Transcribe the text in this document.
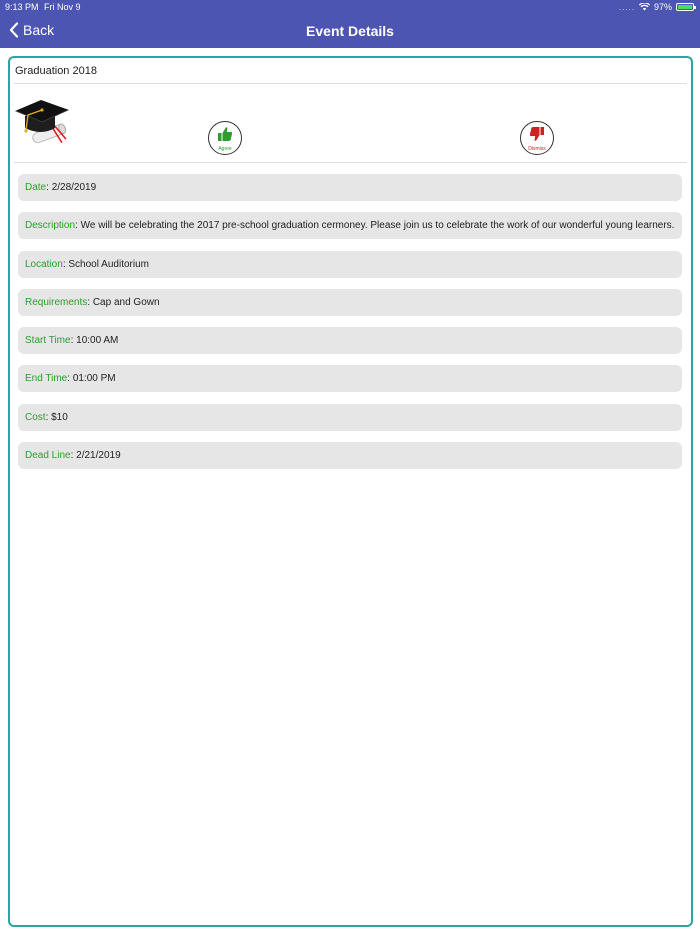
9:13 PM Fri Nov 9	..... 97%
Back	Event Details
Graduation 2018
Agree	Dismiss
Date: 2/28/2019
Description: We will be celebrating the 2017 pre-school graduation cermoney. Please join us to celebrate the work of our wonderful young learners.
Location: School Auditorium
Requirements: Cap and Gown
Start Time: 10:00 AM
End Time: 01:00 PM
Cost: $10
Dead Line: 2/21/2019
